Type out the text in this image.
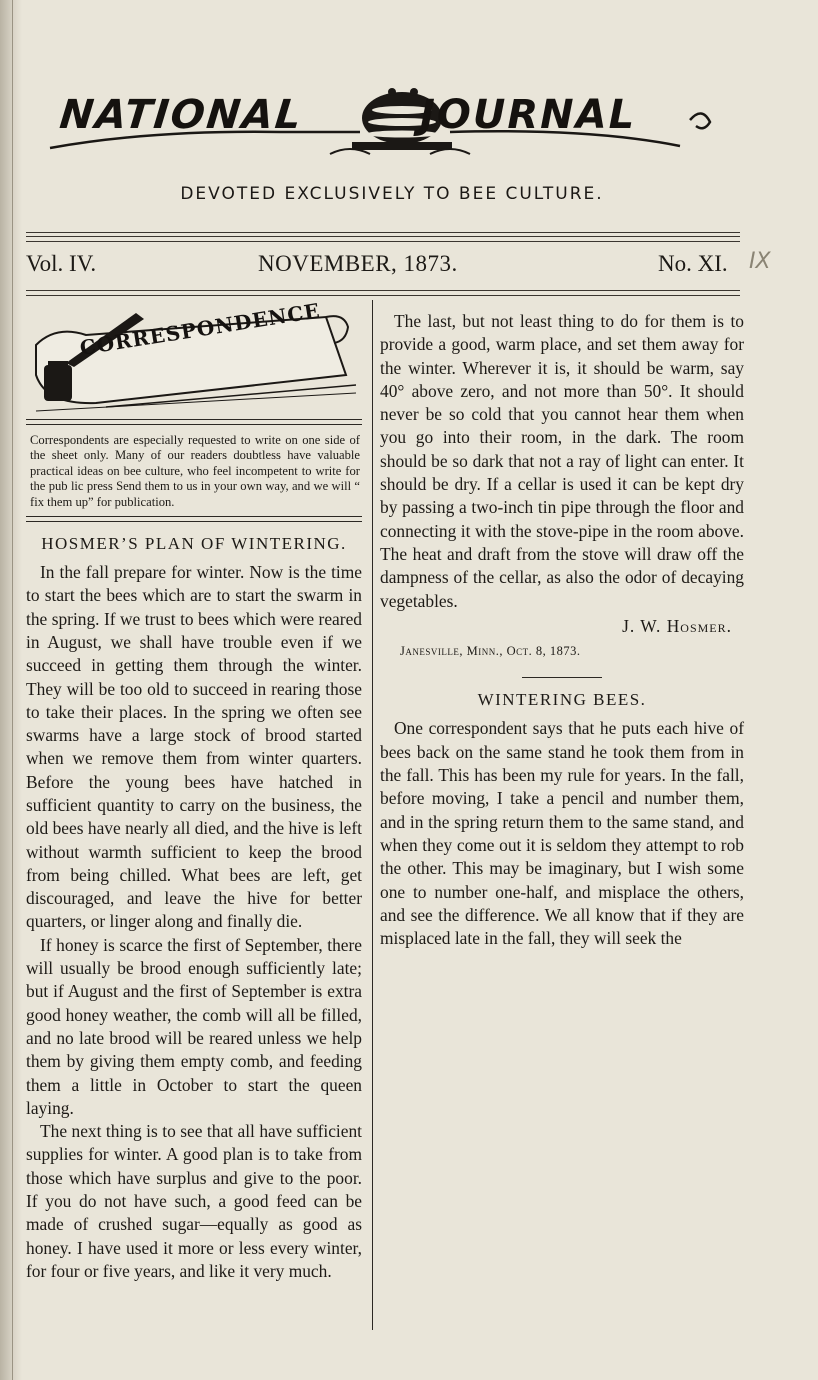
NATIONAL	JOURNAL
DEVOTED EXCLUSIVELY TO BEE CULTURE.
Vol. IV.	NOVEMBER, 1873.	No. XI. IX
CORRESPONDENCE

Correspondents are especially requested to write on one side of the sheet only. Many of our readers doubtless have valuable practical ideas on bee culture, who feel incompetent to write for the pub lic press Send them to us in your own way, and we will “ fix them up” for publication.

HOSMER’S PLAN OF WINTERING.

In the fall prepare for winter. Now is the time to start the bees which are to start the swarm in the spring. If we trust to bees which were reared in August, we shall have trouble even if we succeed in getting them through the winter. They will be too old to succeed in rearing those to take their places. In the spring we often see swarms have a large stock of brood started when we remove them from winter quarters. Before the young bees have hatched in sufficient quantity to carry on the business, the old bees have nearly all died, and the hive is left without warmth sufficient to keep the brood from being chilled. What bees are left, get discouraged, and leave the hive for better quarters, or linger along and finally die.

If honey is scarce the first of September, there will usually be brood enough sufficiently late; but if August and the first of September is extra good honey weather, the comb will all be filled, and no late brood will be reared unless we help them by giving them empty comb, and feeding them a little in October to start the queen laying.

The next thing is to see that all have sufficient supplies for winter. A good plan is to take from those which have surplus and give to the poor. If you do not have such, a good feed can be made of crushed sugar—equally as good as honey. I have used it more or less every winter, for four or five years, and like it very much.

The last, but not least thing to do for them is to provide a good, warm place, and set them away for the winter. Wherever it is, it should be warm, say 40° above zero, and not more than 50°. It should never be so cold that you cannot hear them when you go into their room, in the dark. The room should be so dark that not a ray of light can enter. It should be dry. If a cellar is used it can be kept dry by passing a two-inch tin pipe through the floor and connecting it with the stove-pipe in the room above. The heat and draft from the stove will draw off the dampness of the cellar, as also the odor of decaying vegetables.

J. W. Hosmer.
Janesville, Minn., Oct. 8, 1873.
WINTERING BEES.

One correspondent says that he puts each hive of bees back on the same stand he took them from in the fall. This has been my rule for years. In the fall, before moving, I take a pencil and number them, and in the spring return them to the same stand, and when they come out it is seldom they attempt to rob the other. This may be imaginary, but I wish some one to number one-half, and misplace the others, and see the difference. We all know that if they are misplaced late in the fall, they will seek the
